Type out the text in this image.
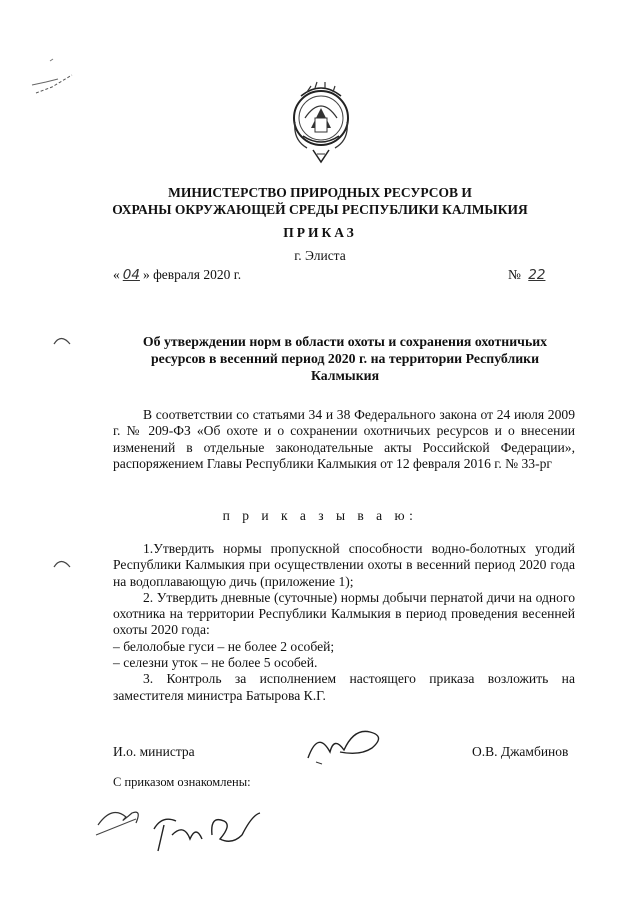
МИНИСТЕРСТВО ПРИРОДНЫХ РЕСУРСОВ И
ОХРАНЫ ОКРУЖАЮЩЕЙ СРЕДЫ РЕСПУБЛИКИ КАЛМЫКИЯ
ПРИКАЗ
г. Элиста
« 04 » февраля 2020 г.	№ 22
Об утверждении норм в области охоты и сохранения охотничьих
ресурсов в весенний период 2020 г. на территории Республики
Калмыкия

В соответствии со статьями 34 и 38 Федерального закона от 24 июля 2009 г. № 209-ФЗ «Об охоте и о сохранении охотничьих ресурсов и о внесении изменений в отдельные законодательные акты Российской Федерации», распоряжением Главы Республики Калмыкия от 12 февраля 2016 г. № 33-рг

п р и к а з ы в а ю:

1.Утвердить нормы пропускной способности водно-болотных угодий Республики Калмыкия при осуществлении охоты в весенний период 2020 года на водоплавающую дичь (приложение 1);

2. Утвердить дневные (суточные) нормы добычи пернатой дичи на одного охотника на территории Республики Калмыкия в период проведения весенней охоты 2020 года:

– белолобые гуси – не более 2 особей;

– селезни уток – не более 5 особей.

3. Контроль за исполнением настоящего приказа возложить на заместителя министра Батырова К.Г.

И.о. министра	О.В. Джамбинов
С приказом ознакомлены:
